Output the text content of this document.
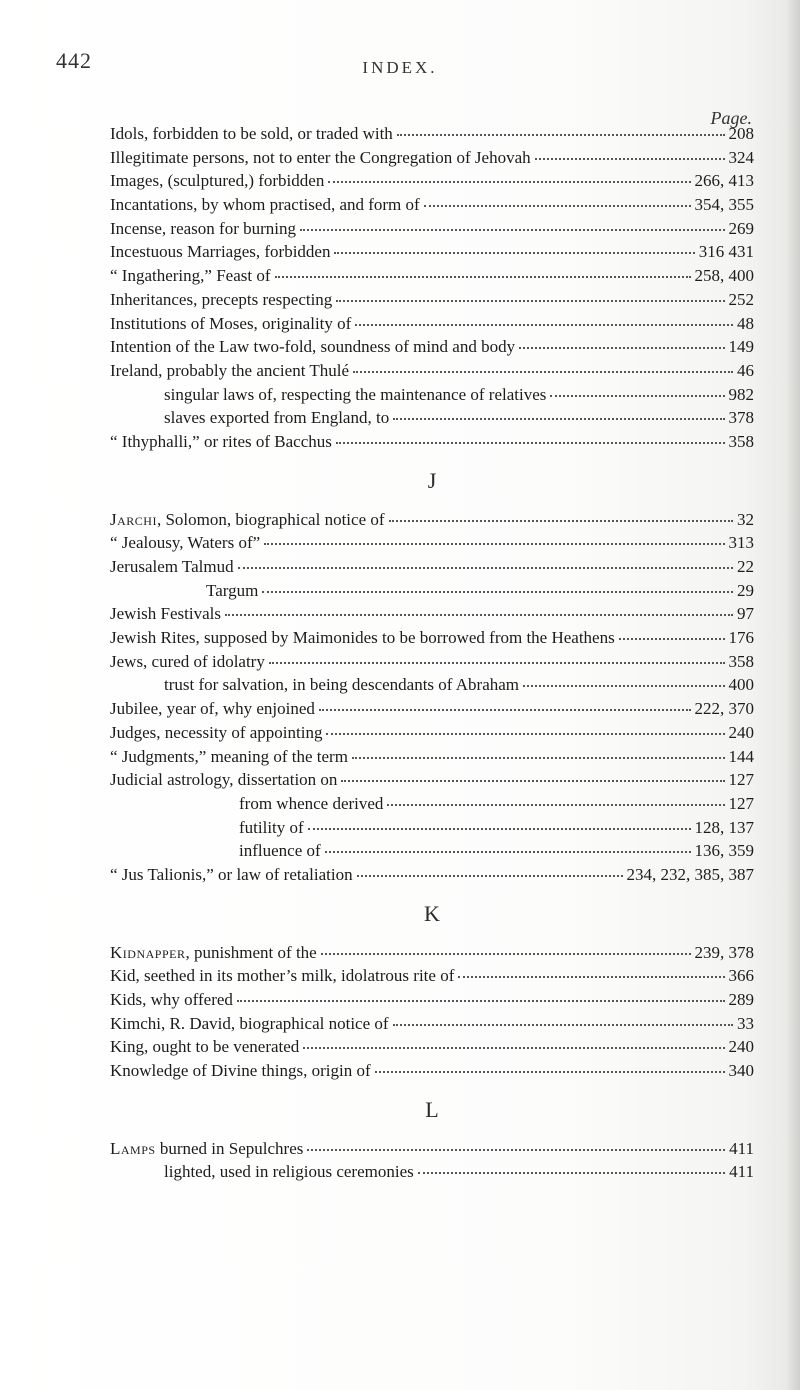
442	INDEX.
Page.
Idols, forbidden to be sold, or traded with	208
Illegitimate persons, not to enter the Congregation of Jehovah	324
Images, (sculptured,) forbidden	266, 413
Incantations, by whom practised, and form of	354, 355
Incense, reason for burning	269
Incestuous Marriages, forbidden	316 431
“ Ingathering,” Feast of	258, 400
Inheritances, precepts respecting	252
Institutions of Moses, originality of	48
Intention of the Law two-fold, soundness of mind and body	149
Ireland, probably the ancient Thulé	46
singular laws of, respecting the maintenance of relatives	982
slaves exported from England, to	378
“ Ithyphalli,” or rites of Bacchus	358
J
Jarchi, Solomon, biographical notice of	32
“ Jealousy, Waters of”	313
Jerusalem Talmud	22
Targum	29
Jewish Festivals	97
Jewish Rites, supposed by Maimonides to be borrowed from the Heathens	176
Jews, cured of idolatry	358
trust for salvation, in being descendants of Abraham	400
Jubilee, year of, why enjoined	222, 370
Judges, necessity of appointing	240
“ Judgments,” meaning of the term	144
Judicial astrology, dissertation on	127
from whence derived	127
futility of	128, 137
influence of	136, 359
“ Jus Talionis,” or law of retaliation	234, 232, 385, 387
K
Kidnapper, punishment of the	239, 378
Kid, seethed in its mother’s milk, idolatrous rite of	366
Kids, why offered	289
Kimchi, R. David, biographical notice of	33
King, ought to be venerated	240
Knowledge of Divine things, origin of	340
L
Lamps burned in Sepulchres	411
lighted, used in religious ceremonies	411
